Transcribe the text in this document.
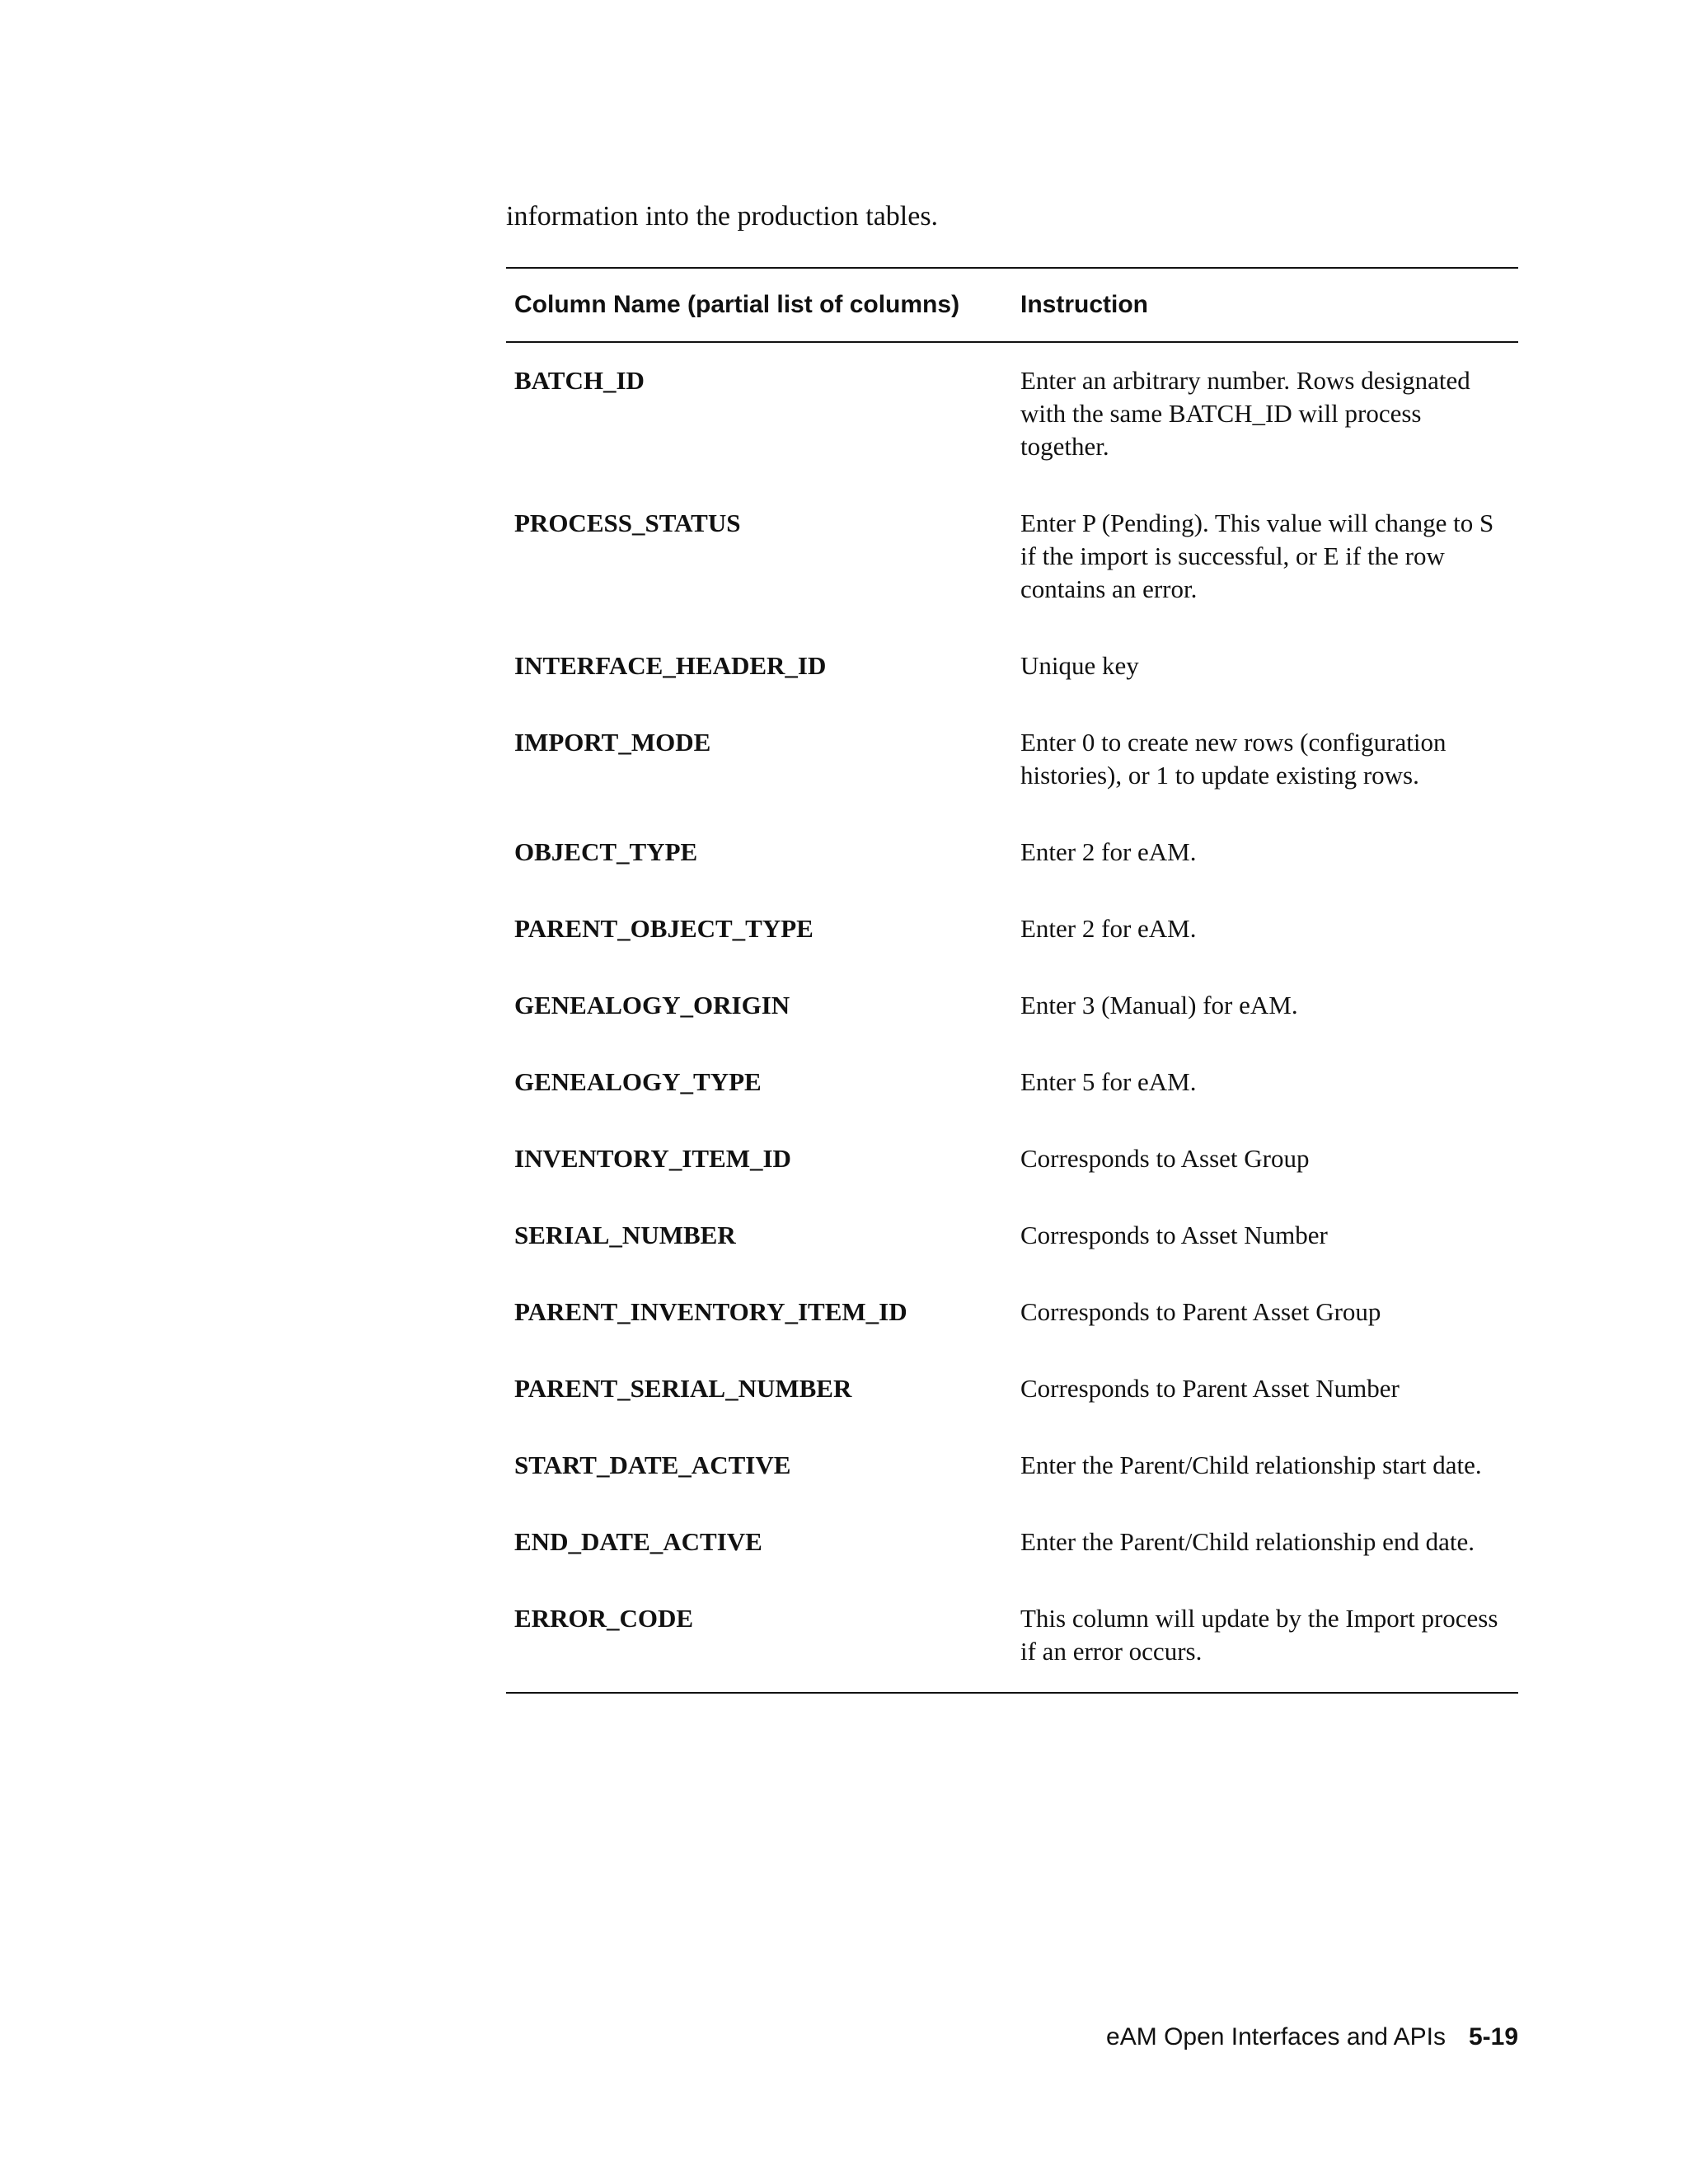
information into the production tables.

Column Name (partial list of columns)	Instruction
BATCH_ID	Enter an arbitrary number. Rows designated with the same BATCH_ID will process together.
PROCESS_STATUS	Enter P (Pending). This value will change to S if the import is successful, or E if the row contains an error.
INTERFACE_HEADER_ID	Unique key
IMPORT_MODE	Enter 0 to create new rows (configuration histories), or 1 to update existing rows.
OBJECT_TYPE	Enter 2 for eAM.
PARENT_OBJECT_TYPE	Enter 2 for eAM.
GENEALOGY_ORIGIN	Enter 3 (Manual) for eAM.
GENEALOGY_TYPE	Enter 5 for eAM.
INVENTORY_ITEM_ID	Corresponds to Asset Group
SERIAL_NUMBER	Corresponds to Asset Number
PARENT_INVENTORY_ITEM_ID	Corresponds to Parent Asset Group
PARENT_SERIAL_NUMBER	Corresponds to Parent Asset Number
START_DATE_ACTIVE	Enter the Parent/Child relationship start date.
END_DATE_ACTIVE	Enter the Parent/Child relationship end date.
ERROR_CODE	This column will update by the Import process if an error occurs.
eAM Open Interfaces and APIs 5-19
